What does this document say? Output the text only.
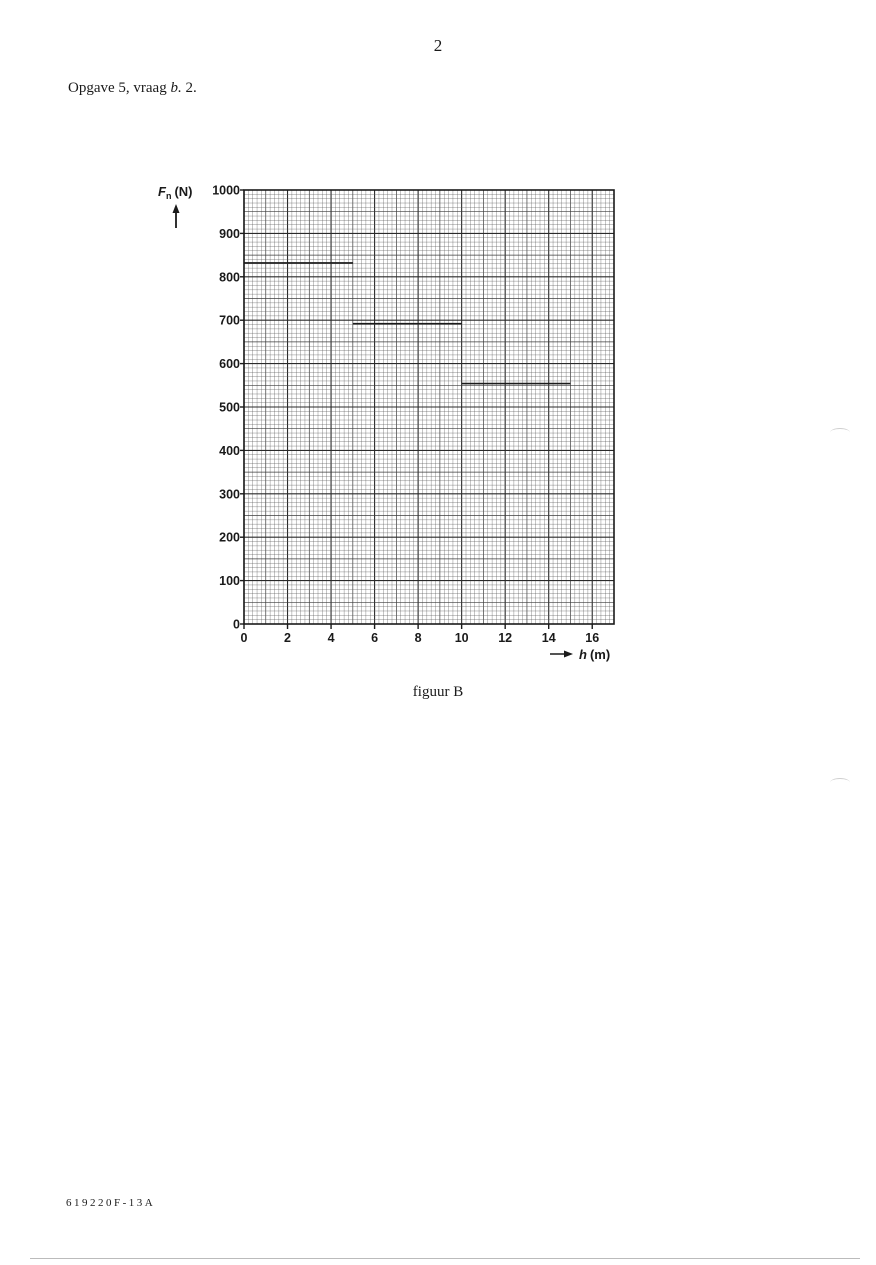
2
Opgave 5, vraag b. 2.
0
100
200
300
400
500
600
700
800
900
1000
0	2	4	6	8	10 12 14 16
$F_n$ (N)
h (m)
figuur B
619220F-13A
